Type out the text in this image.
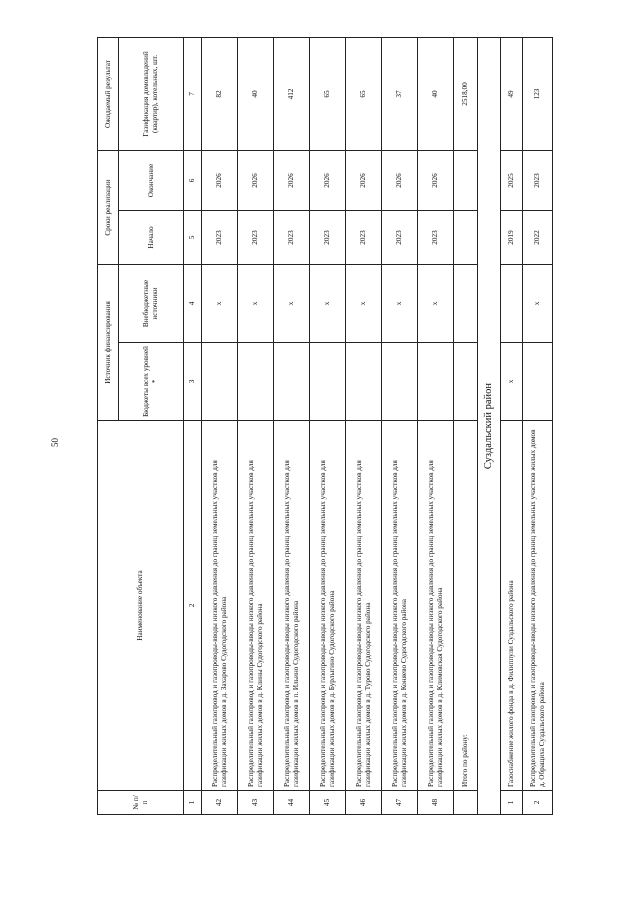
50
№ п/п	Наименование объекта	Источник финансирования		Сроки реализации		Ожидаемый результат
		Бюджеты всех уровней *	Внебюджетные источники	Начало	Окончание	Газификация домовладений (квартир), котельных, шт.
1	2	3	4	5	6	7
42	Распределительный газопровод и газопроводы-вводы низкого давления до границ земельных участков для газификации жилых домов в д. Захарово Судогодского района		х	2023	2026	82
43	Распределительный газопровод и газопроводы-вводы низкого давления до границ земельных участков для газификации жилых домов в д. Клины Судогодского района		х	2023	2026	40
44	Распределительный газопровод и газопроводы-вводы низкого давления до границ земельных участков для газификации жилых домов в п. Ильино Судогодского района		х	2023	2026	412
45	Распределительный газопровод и газопроводы-вводы низкого давления до границ земельных участков для газификации жилых домов в д. Бурлыгино Судогодского района		х	2023	2026	65
46	Распределительный газопровод и газопроводы-вводы низкого давления до границ земельных участков для газификации жилых домов в д. Турово Судогодского района		х	2023	2026	65
47	Распределительный газопровод и газопроводы-вводы низкого давления до границ земельных участков для газификации жилых домов в д. Коняево Судогодского района		х	2023	2026	37
48	Распределительный газопровод и газопроводы-вводы низкого давления до границ земельных участков для газификации жилых домов в д. Климовская Судогодского района		х	2023	2026	40
	Итого по району:					2518,00
Суздальский район						
1	Газоснабжение жилого фонда в д. Филиппули Суздальского района	х		2019	2025	49
2	Распределительный газопровод и газопроводы-вводы низкого давления до границ земельных участков жилых домов д. Обращиха Суздальского района		х	2022	2023	123
